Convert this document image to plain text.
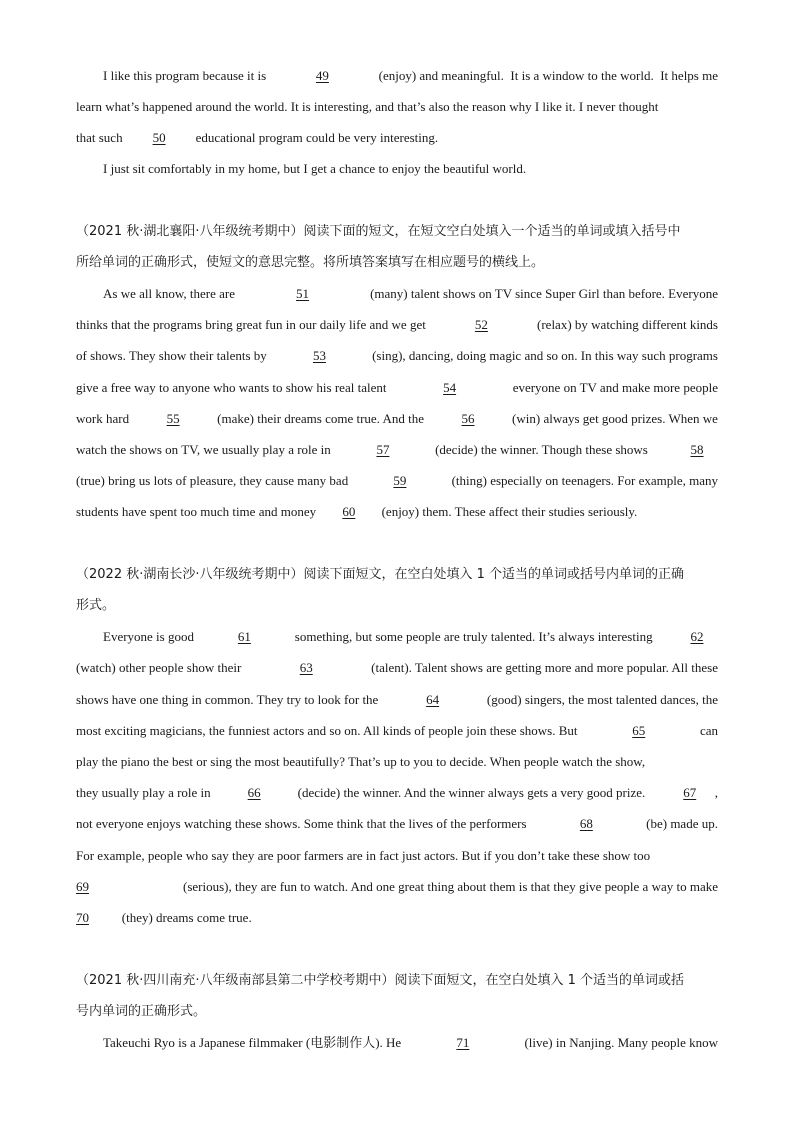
I like this program because it is	49	(enjoy) and meaningful.  It is a window to the world.  It helps me
learn what’s happened around the world. It is interesting, and that’s also the reason why I like it. I never thought
that such  50  educational program could be very interesting.
I just sit comfortably in my home, but I get a chance to enjoy the beautiful world.
（2021 秋·湖北襄阳·八年级统考期中）阅读下面的短文，在短文空白处填入一个适当的单词或填入括号中
所给单词的正确形式，使短文的意思完整。将所填答案填写在相应题号的横线上。
As we all know, there are	51	(many) talent shows on TV since Super Girl than before. Everyone
thinks that the programs bring great fun in our daily life and we get	52	(relax) by watching different kinds
of shows. They show their talents by	53	(sing), dancing, doing magic and so on. In this way such programs
give a free way to anyone who wants to show his real talent	54	everyone on TV and make more people
work hard	55	(make) their dreams come true. And the	56	(win) always get good prizes. When we
watch the shows on TV, we usually play a role in	57	(decide) the winner. Though these shows	58
(true) bring us lots of pleasure, they cause many bad	59	(thing) especially on teenagers. For example, many
students have spent too much time and money 60 (enjoy) them. These affect their studies seriously.
（2022 秋·湖南长沙·八年级统考期中）阅读下面短文，在空白处填入 1 个适当的单词或括号内单词的正确
形式。
Everyone is good	61	something, but some people are truly talented. It’s always interesting	62
(watch) other people show their	63	(talent). Talent shows are getting more and more popular. All these
shows have one thing in common. They try to look for the	64	(good) singers, the most talented dances, the
most exciting magicians, the funniest actors and so on. All kinds of people join these shows. But	65	can
play the piano the best or sing the most beautifully? That’s up to you to decide. When people watch the show,
they usually play a role in	66	(decide) the winner. And the winner always gets a very good prize.	67 ,
not everyone enjoys watching these shows. Some think that the lives of the performers	68	(be) made up.
For example, people who say they are poor farmers are in fact just actors. But if you don’t take these show too
69	(serious), they are fun to watch. And one great thing about them is that they give people a way to make
70	(they) dreams come true.
（2021 秋·四川南充·八年级南部县第二中学校考期中）阅读下面短文，在空白处填入 1 个适当的单词或括
号内单词的正确形式。
Takeuchi Ryo is a Japanese filmmaker (电影制作人). He	71	(live) in Nanjing. Many people know
